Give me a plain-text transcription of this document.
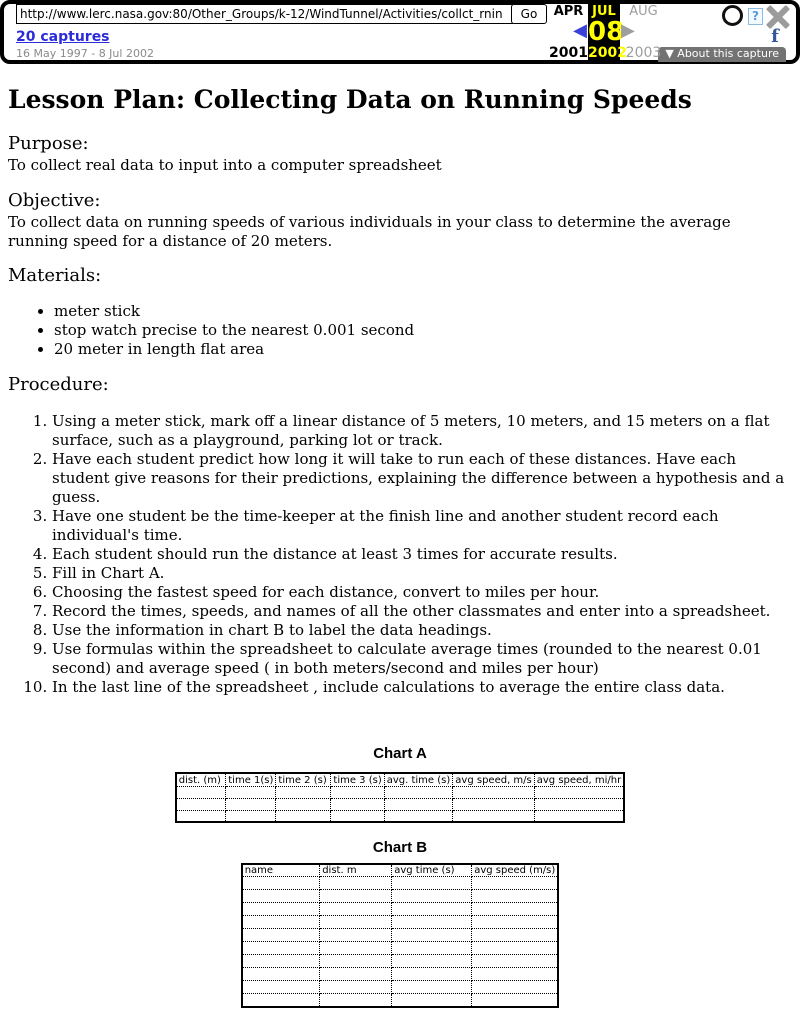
http://www.lerc.nasa.gov:80/Other_Groups/k-12/WindTunnel/Activities/collct_rnin
Go
20 captures
16 May 1997 - 8 Jul 2002
APR JUL	AUG
◀ 08
▶
2001 2002
2003
?
f
▼ About this capture
Lesson Plan: Collecting Data on Running Speeds
Purpose:
To collect real data to input into a computer spreadsheet
Objective:
To collect data on running speeds of various individuals in your class to determine the average running speed for a distance of 20 meters.
Materials:
• meter stick
• stop watch precise to the nearest 0.001 second
• 20 meter in length flat area
Procedure:
1. Using a meter stick, mark off a linear distance of 5 meters, 10 meters, and 15 meters on a flat surface, such as a playground, parking lot or track.
2. Have each student predict how long it will take to run each of these distances. Have each student give reasons for their predictions, explaining the difference between a hypothesis and a guess.
3. Have one student be the time-keeper at the finish line and another student record each individual's time.
4. Each student should run the distance at least 3 times for accurate results.
5. Fill in Chart A.
6. Choosing the fastest speed for each distance, convert to miles per hour.
7. Record the times, speeds, and names of all the other classmates and enter into a spreadsheet.
8. Use the information in chart B to label the data headings.
9. Use formulas within the spreadsheet to calculate average times (rounded to the nearest 0.01 second) and average speed ( in both meters/second and miles per hour)
10. In the last line of the spreadsheet , include calculations to average the entire class data.
Chart A
dist. (m)	time 1(s)	time 2 (s)	time 3 (s)	avg. time (s)	avg speed, m/s	avg speed, mi/hr

Chart B
name	dist. m	avg time (s)	avg speed (m/s)
